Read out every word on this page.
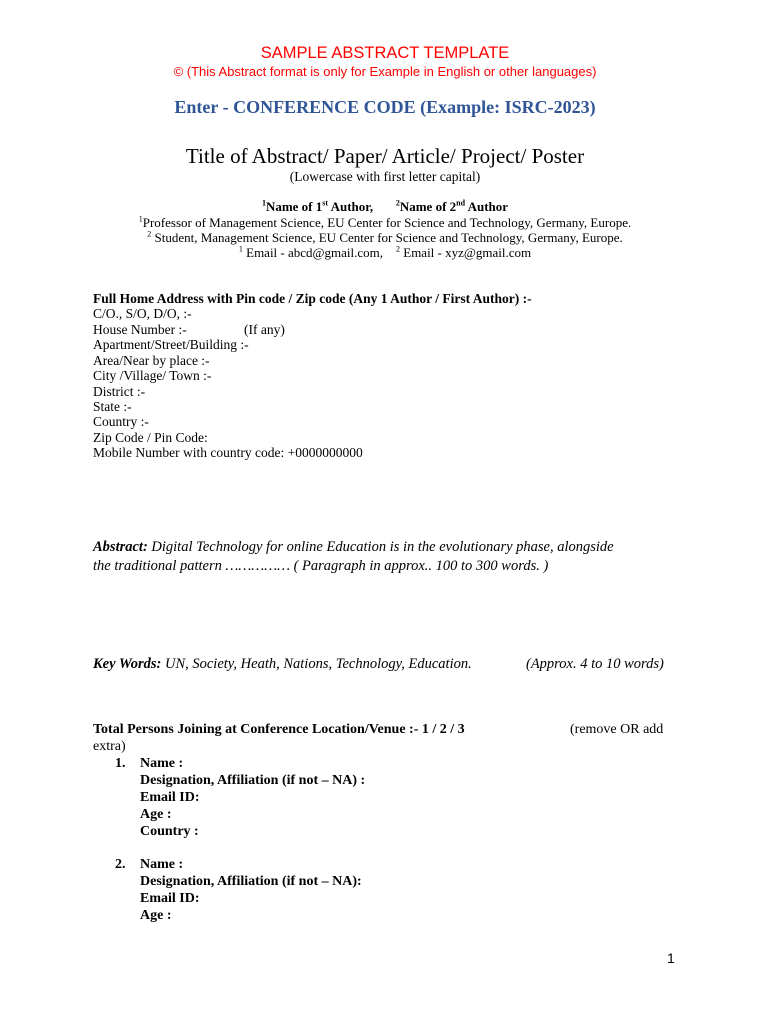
SAMPLE ABSTRACT TEMPLATE
© (This Abstract format is only for Example in English or other languages)
Enter - CONFERENCE CODE (Example: ISRC-2023)
Title of Abstract/ Paper/ Article/ Project/ Poster
(Lowercase with first letter capital)
$^1$Name of 1st Author,	$^2$Name of 2nd Author
$^1$Professor of Management Science, EU Center for Science and Technology, Germany, Europe.
$^2$ Student, Management Science, EU Center for Science and Technology, Germany, Europe.
$^1$ Email - abcd@gmail.com, $^2$ Email - xyz@gmail.com
Full Home Address with Pin code / Zip code (Any 1 Author / First Author) :-
C/O., S/O, D/O, :-
House Number :-	(If any)
Apartment/Street/Building :-
Area/Near by place :-
City /Village/ Town :-
District :-
State :-
Country :-
Zip Code / Pin Code:
Mobile Number with country code: +0000000000
Abstract: Digital Technology for online Education is in the evolutionary phase, alongside
the traditional pattern …………… ( Paragraph in approx.. 100 to 300 words. )
Key Words: UN, Society, Heath, Nations, Technology, Education.	(Approx. 4 to 10 words)
Total Persons Joining at Conference Location/Venue :- 1 / 2 / 3	(remove OR add
extra)
1. Name :
Designation, Affiliation (if not – NA) :
Email ID:
Age :
Country :
2. Name :
Designation, Affiliation (if not – NA):
Email ID:
Age :
1
